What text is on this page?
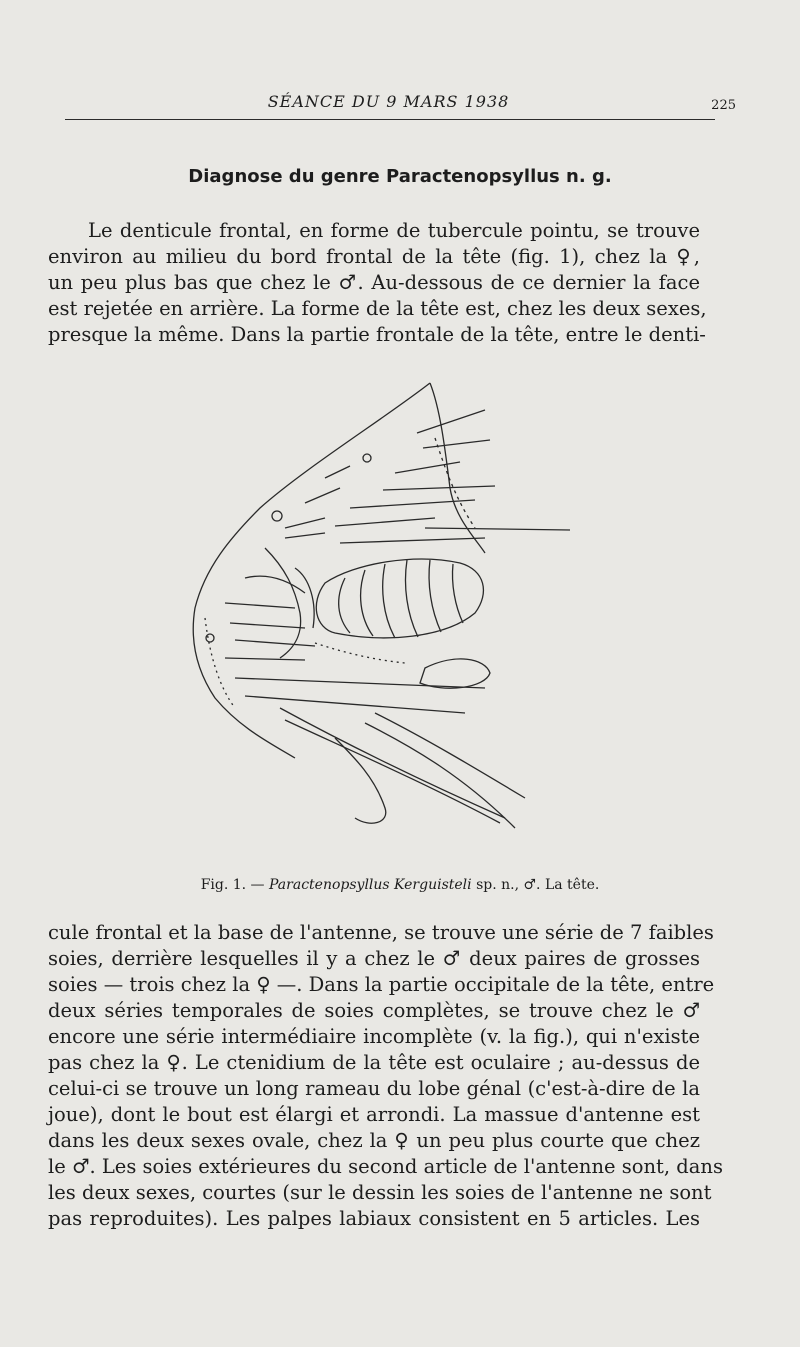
SÉANCE DU 9 MARS 1938	225
Diagnose du genre Paractenopsyllus n. g.
Le denticule frontal, en forme de tubercule pointu, se trouve
environ au milieu du bord frontal de la tête (fig. 1), chez la ♀,
un peu plus bas que chez le ♂. Au-dessous de ce dernier la face
est rejetée en arrière. La forme de la tête est, chez les deux sexes,
presque la même. Dans la partie frontale de la tête, entre le denti-
Fig. 1. — Paractenopsyllus Kerguisteli sp. n., ♂. La tête.
cule frontal et la base de l'antenne, se trouve une série de 7 faibles
soies, derrière lesquelles il y a chez le ♂ deux paires de grosses
soies — trois chez la ♀ —. Dans la partie occipitale de la tête, entre
deux séries temporales de soies complètes, se trouve chez le ♂
encore une série intermédiaire incomplète (v. la fig.), qui n'existe
pas chez la ♀. Le ctenidium de la tête est oculaire ; au-dessus de
celui-ci se trouve un long rameau du lobe génal (c'est-à-dire de la
joue), dont le bout est élargi et arrondi. La massue d'antenne est
dans les deux sexes ovale, chez la ♀ un peu plus courte que chez
le ♂. Les soies extérieures du second article de l'antenne sont, dans
les deux sexes, courtes (sur le dessin les soies de l'antenne ne sont
pas reproduites). Les palpes labiaux consistent en 5 articles. Les
